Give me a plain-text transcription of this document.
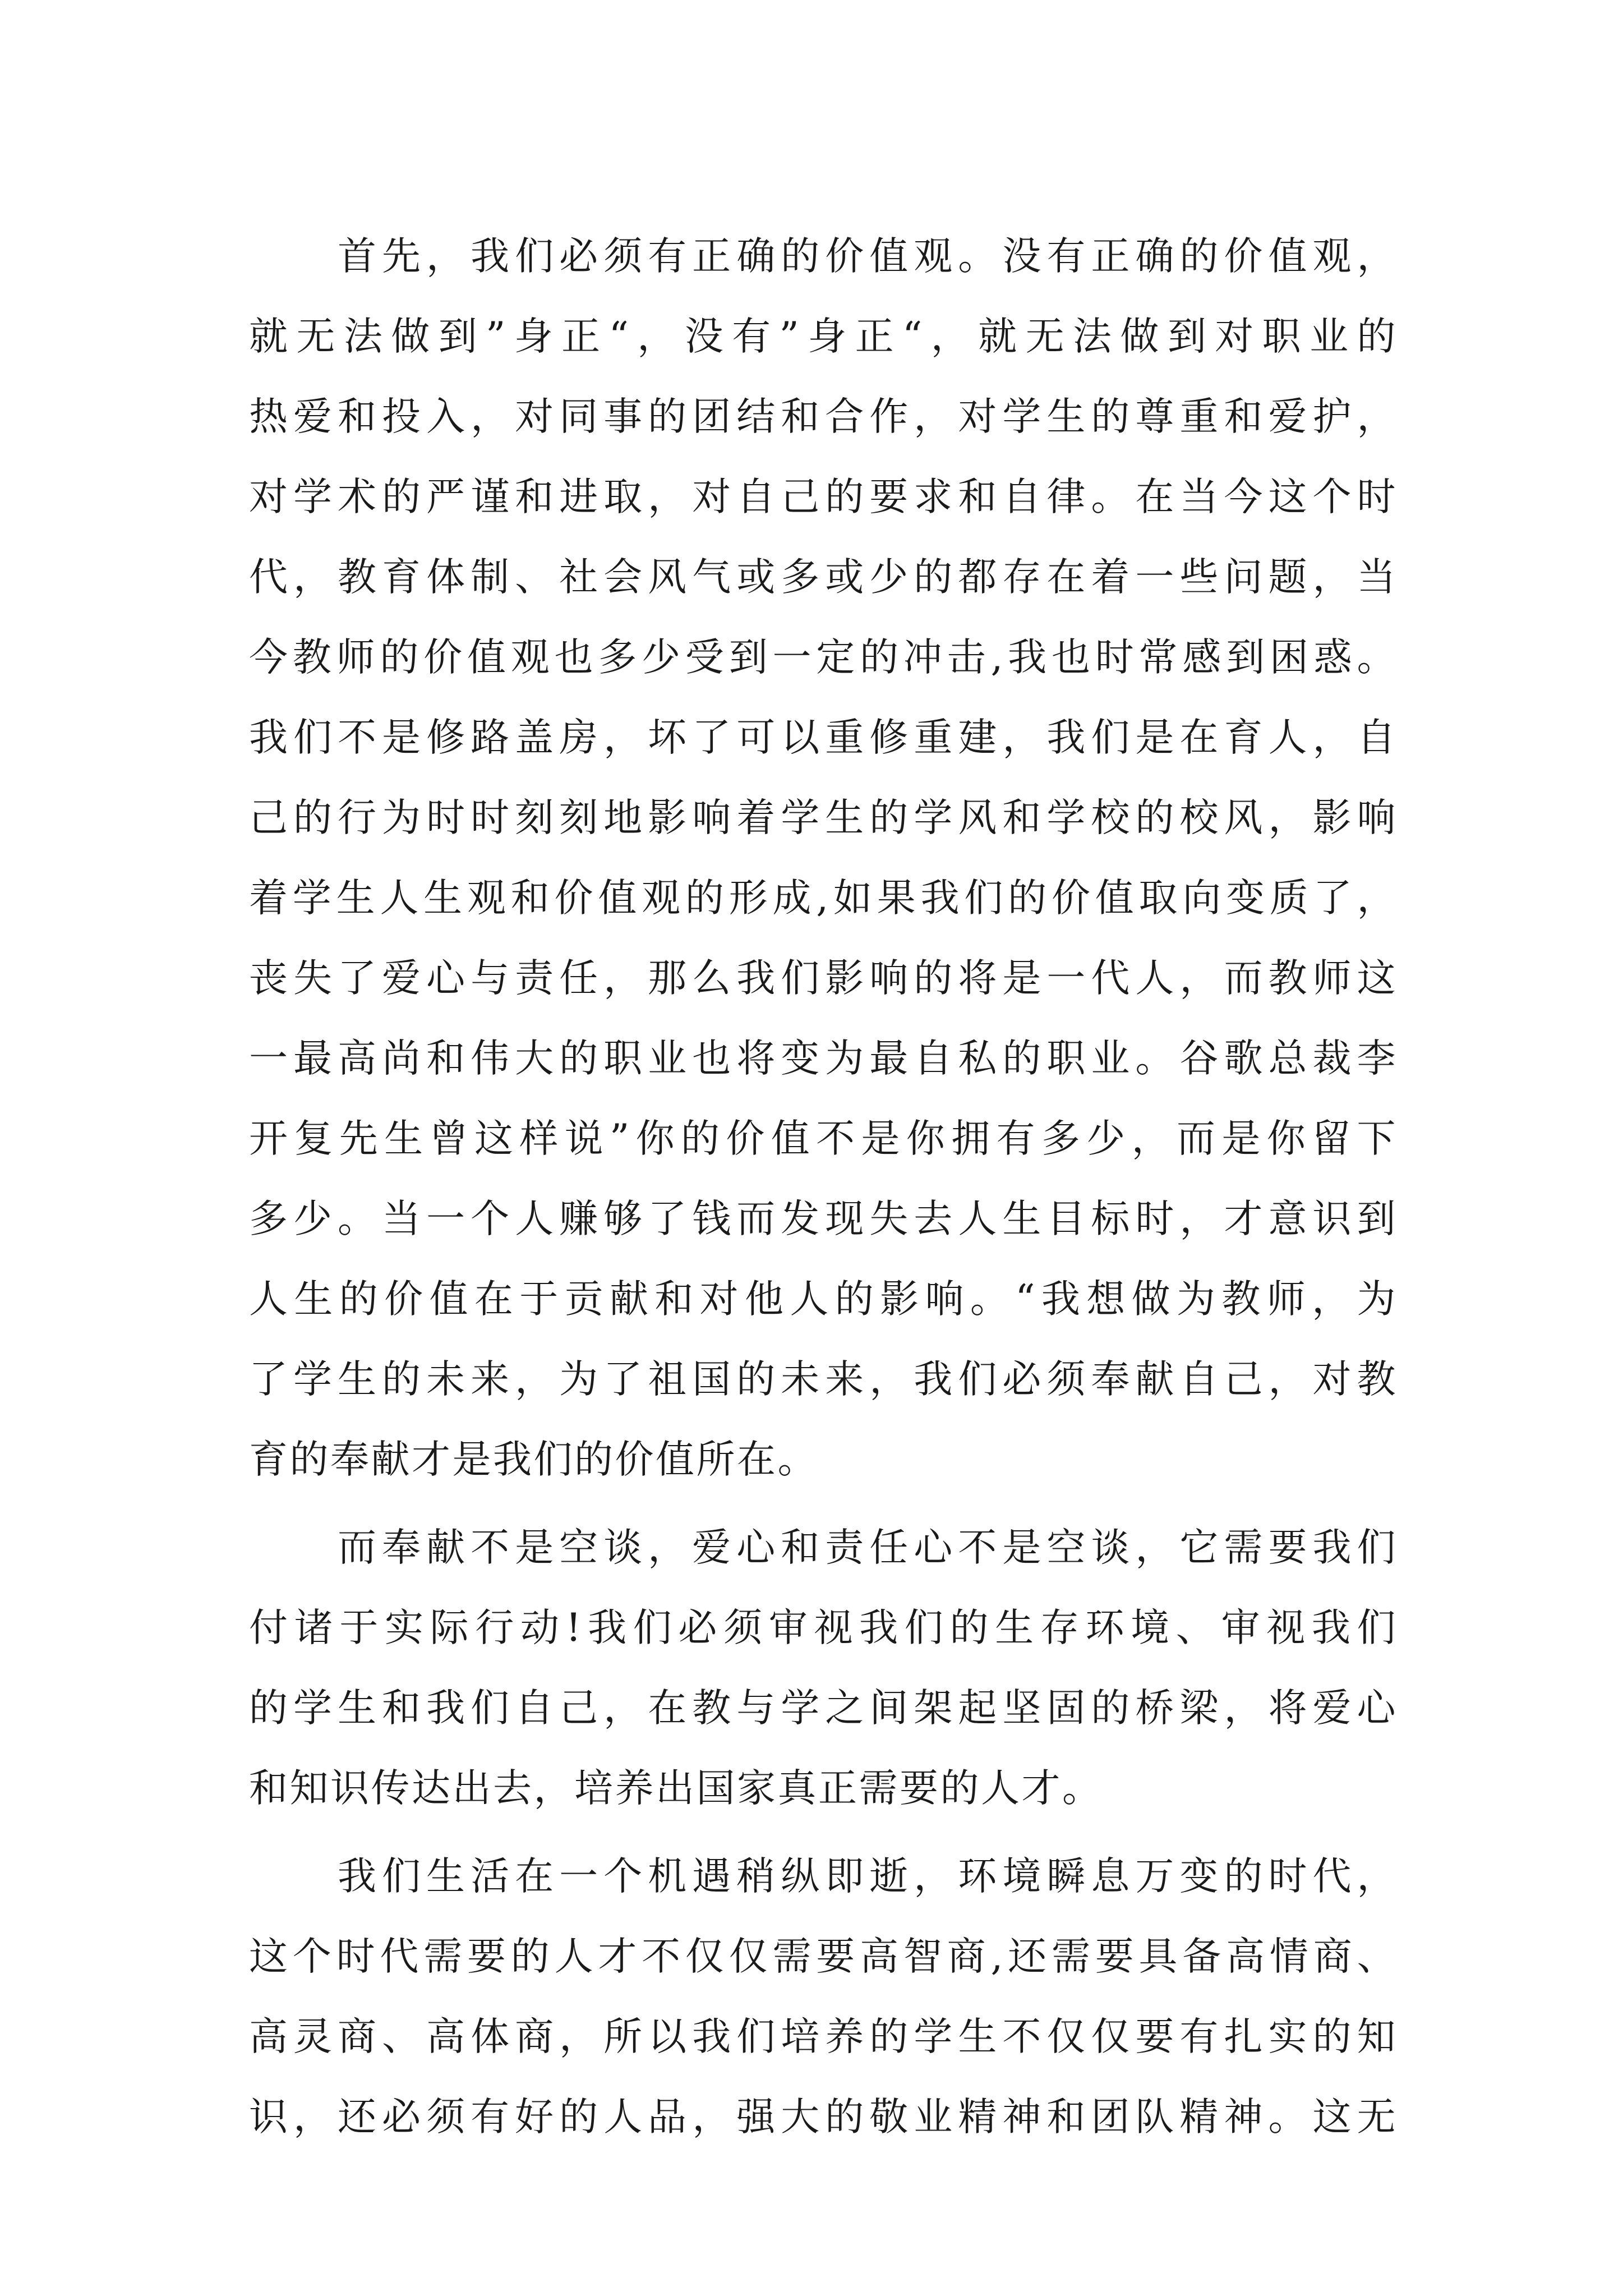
首先，我们必须有正确的价值观。没有正确的价值观，
就无法做到”身正“，没有”身正“，就无法做到对职业的
热爱和投入，对同事的团结和合作，对学生的尊重和爱护，
对学术的严谨和进取，对自己的要求和自律。在当今这个时
代，教育体制、社会风气或多或少的都存在着一些问题，当
今教师的价值观也多少受到一定的冲击,我也时常感到困惑。
我们不是修路盖房，坏了可以重修重建，我们是在育人，自
己的行为时时刻刻地影响着学生的学风和学校的校风，影响
着学生人生观和价值观的形成,如果我们的价值取向变质了，
丧失了爱心与责任，那么我们影响的将是一代人，而教师这
一最高尚和伟大的职业也将变为最自私的职业。谷歌总裁李
开复先生曾这样说”你的价值不是你拥有多少，而是你留下
多少。当一个人赚够了钱而发现失去人生目标时，才意识到
人生的价值在于贡献和对他人的影响。“我想做为教师，为
了学生的未来，为了祖国的未来，我们必须奉献自己，对教
育的奉献才是我们的价值所在。
而奉献不是空谈，爱心和责任心不是空谈，它需要我们
付诸于实际行动!我们必须审视我们的生存环境、审视我们
的学生和我们自己，在教与学之间架起坚固的桥梁，将爱心
和知识传达出去，培养出国家真正需要的人才。
我们生活在一个机遇稍纵即逝，环境瞬息万变的时代，
这个时代需要的人才不仅仅需要高智商,还需要具备高情商、
高灵商、高体商，所以我们培养的学生不仅仅要有扎实的知
识，还必须有好的人品，强大的敬业精神和团队精神。这无
